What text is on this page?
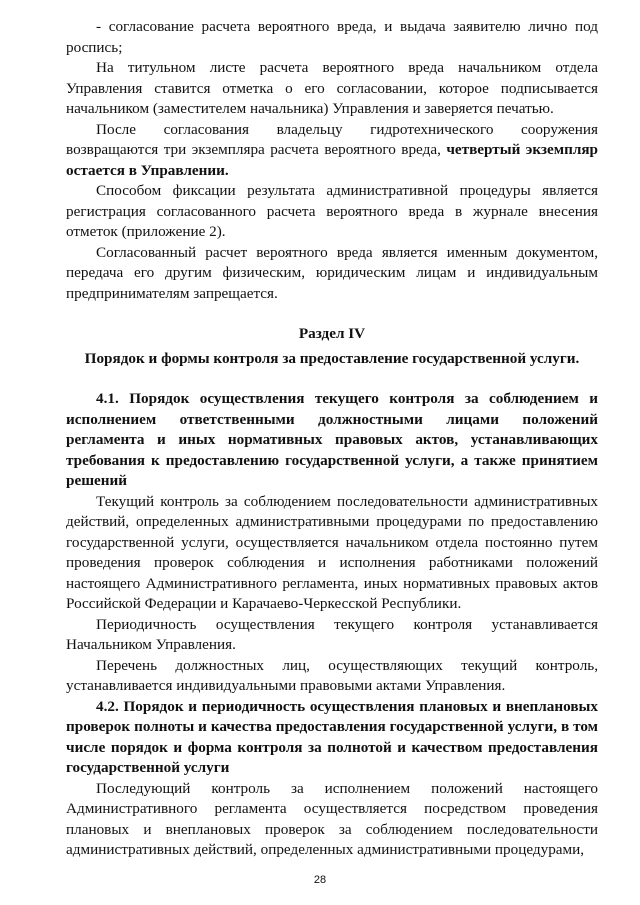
- согласование расчета вероятного вреда, и выдача заявителю лично под роспись;

На титульном листе расчета вероятного вреда начальником отдела Управления ставится отметка о его согласовании, которое подписывается начальником (заместителем начальника) Управления и заверяется печатью.

После согласования владельцу гидротехнического сооружения возвращаются три экземпляра расчета вероятного вреда, четвертый экземпляр остается в Управлении.

Способом фиксации результата административной процедуры является регистрация согласованного расчета вероятного вреда в журнале внесения отметок (приложение 2).

Согласованный расчет вероятного вреда является именным документом, передача его другим физическим, юридическим лицам и индивидуальным предпринимателям запрещается.

Раздел IV

Порядок и формы контроля за предоставление государственной услуги.

4.1. Порядок осуществления текущего контроля за соблюдением и исполнением ответственными должностными лицами положений регламента и иных нормативных правовых актов, устанавливающих требования к предоставлению государственной услуги, а также принятием решений

Текущий контроль за соблюдением последовательности административных действий, определенных административными процедурами по предоставлению государственной услуги, осуществляется начальником отдела постоянно путем проведения проверок соблюдения и исполнения работниками положений настоящего Административного регламента, иных нормативных правовых актов Российской Федерации и Карачаево-Черкесской Республики.

Периодичность осуществления текущего контроля устанавливается Начальником Управления.

Перечень должностных лиц, осуществляющих текущий контроль, устанавливается индивидуальными правовыми актами Управления.

4.2. Порядок и периодичность осуществления плановых и внеплановых проверок полноты и качества предоставления государственной услуги, в том числе порядок и форма контроля за полнотой и качеством предоставления государственной услуги

Последующий контроль за исполнением положений настоящего Административного регламента осуществляется посредством проведения плановых и внеплановых проверок за соблюдением последовательности административных действий, определенных административными процедурами,

28
